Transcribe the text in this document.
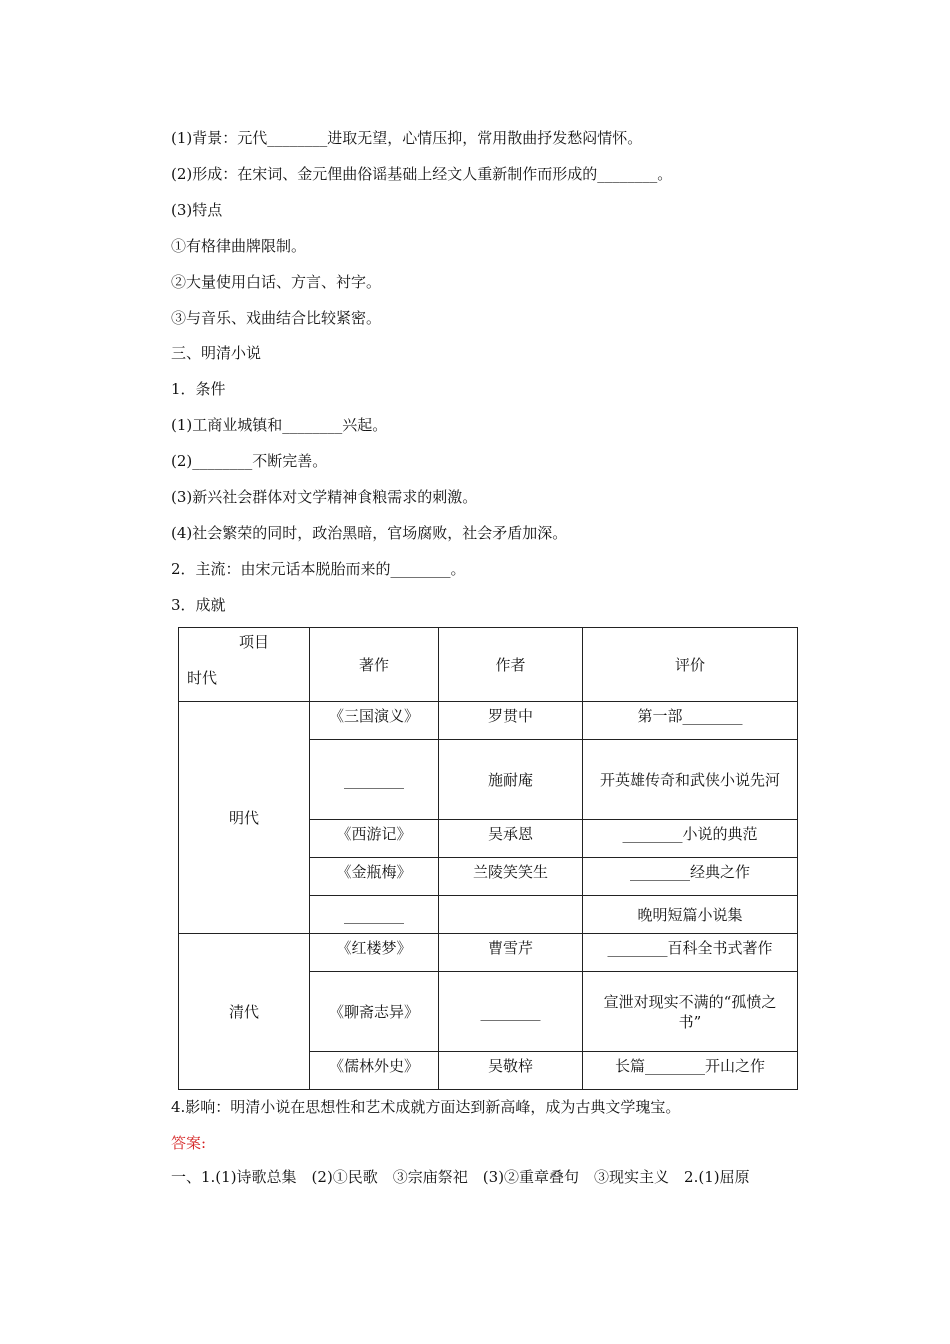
(1)背景：元代________进取无望，心情压抑，常用散曲抒发愁闷情怀。
(2)形成：在宋词、金元俚曲俗谣基础上经文人重新制作而形成的________。
(3)特点
①有格律曲牌限制。
②大量使用白话、方言、衬字。
③与音乐、戏曲结合比较紧密。
三、明清小说
1．条件
(1)工商业城镇和________兴起。
(2)________不断完善。
(3)新兴社会群体对文学精神食粮需求的刺激。
(4)社会繁荣的同时，政治黑暗，官场腐败，社会矛盾加深。
2．主流：由宋元话本脱胎而来的________。
3．成就
项目
时代	著作	作者	评价
明代	《三国演义》	罗贯中	第一部________
	________	施耐庵	开英雄传奇和武侠小说先河
	《西游记》	吴承恩	________小说的典范
	《金瓶梅》	兰陵笑笑生	________经典之作
	________		晚明短篇小说集
清代	《红楼梦》	曹雪芹	________百科全书式著作
	《聊斋志异》	________	宣泄对现实不满的“孤愤之书”
	《儒林外史》	吴敬梓	长篇________开山之作
4.影响：明清小说在思想性和艺术成就方面达到新高峰，成为古典文学瑰宝。
答案:
一、1.(1)诗歌总集　(2)①民歌　③宗庙祭祀　(3)②重章叠句　③现实主义　2.(1)屈原
